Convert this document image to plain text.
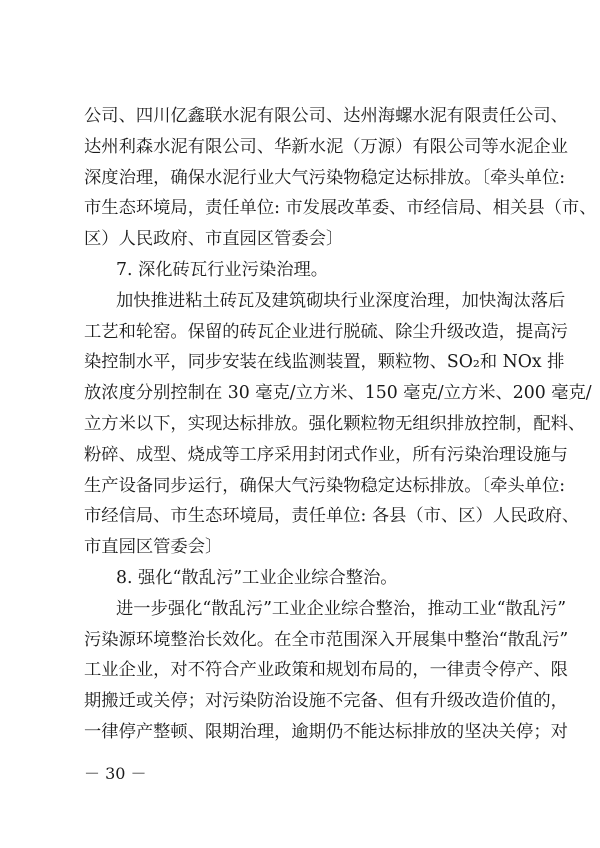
公司、四川亿鑫联水泥有限公司、达州海螺水泥有限责任公司、
达州利森水泥有限公司、华新水泥（万源）有限公司等水泥企业
深度治理，确保水泥行业大气污染物稳定达标排放。〔牵头单位:
市生态环境局，责任单位: 市发展改革委、市经信局、相关县（市、
区）人民政府、市直园区管委会〕
7. 深化砖瓦行业污染治理。
加快推进粘土砖瓦及建筑砌块行业深度治理，加快淘汰落后
工艺和轮窑。保留的砖瓦企业进行脱硫、除尘升级改造，提高污
染控制水平，同步安装在线监测装置，颗粒物、SO₂和 NOx 排
放浓度分别控制在 30 毫克/立方米、150 毫克/立方米、200 毫克/
立方米以下，实现达标排放。强化颗粒物无组织排放控制，配料、
粉碎、成型、烧成等工序采用封闭式作业，所有污染治理设施与
生产设备同步运行，确保大气污染物稳定达标排放。〔牵头单位:
市经信局、市生态环境局，责任单位: 各县（市、区）人民政府、
市直园区管委会〕
8. 强化“散乱污”工业企业综合整治。
进一步强化“散乱污”工业企业综合整治，推动工业“散乱污”
污染源环境整治长效化。在全市范围深入开展集中整治“散乱污”
工业企业，对不符合产业政策和规划布局的，一律责令停产、限
期搬迁或关停；对污染防治设施不完备、但有升级改造价值的，
－ 30 －
一律停产整顿、限期治理，逾期仍不能达标排放的坚决关停；对
